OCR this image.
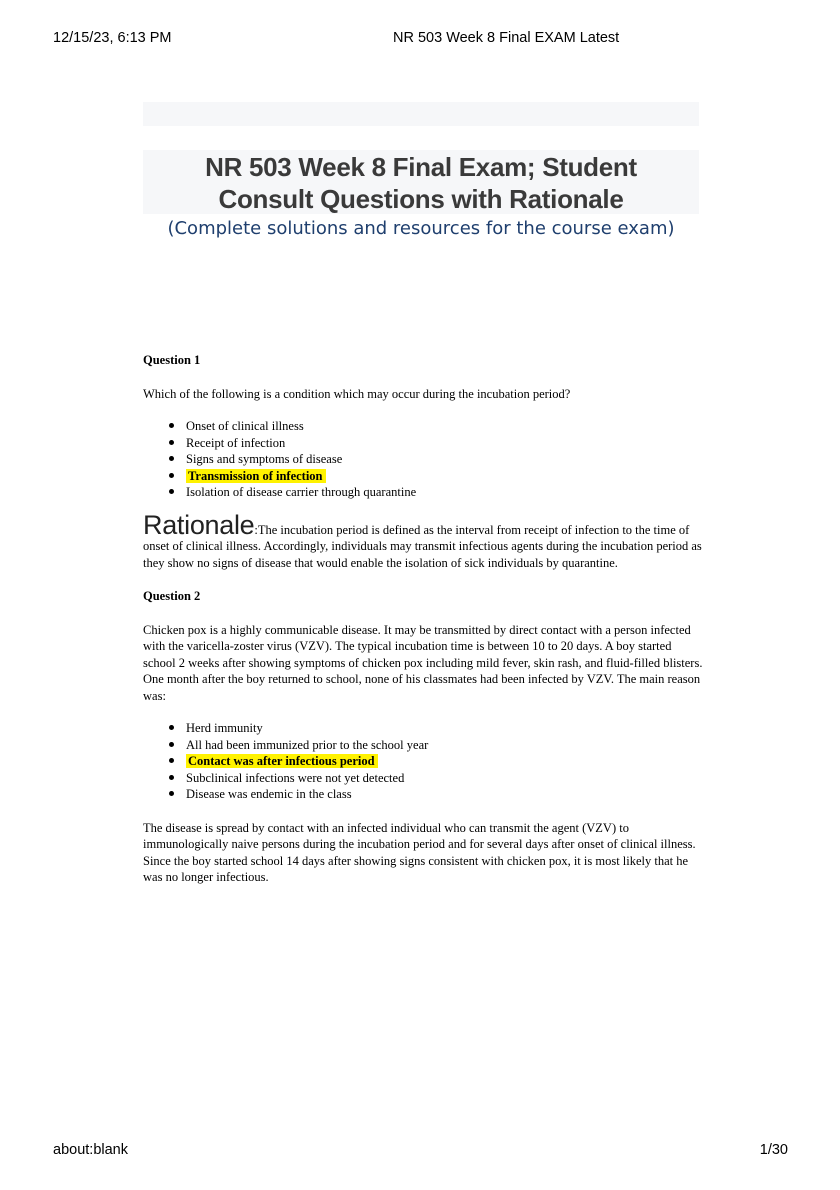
12/15/23, 6:13 PM	NR 503 Week 8 Final EXAM Latest
NR 503 Week 8 Final Exam; Student
Consult Questions with Rationale

(Complete solutions and resources for the course exam)

Question 1

Which of the following is a condition which may occur during the incubation period?

Onset of clinical illness
Receipt of infection
Signs and symptoms of disease
Transmission of infection
Isolation of disease carrier through quarantine

Rationale:The incubation period is defined as the interval from receipt of infection to the time of onset of clinical illness. Accordingly, individuals may transmit infectious agents during the incubation period as they show no signs of disease that would enable the isolation of sick individuals by quarantine.

Question 2

Chicken pox is a highly communicable disease. It may be transmitted by direct contact with a person infected with the varicella-zoster virus (VZV). The typical incubation time is between 10 to 20 days. A boy started school 2 weeks after showing symptoms of chicken pox including mild fever, skin rash, and fluid-filled blisters. One month after the boy returned to school, none of his classmates had been infected by VZV. The main reason was:

Herd immunity
All had been immunized prior to the school year
Contact was after infectious period
Subclinical infections were not yet detected
Disease was endemic in the class

The disease is spread by contact with an infected individual who can transmit the agent (VZV) to immunologically naive persons during the incubation period and for several days after onset of clinical illness. Since the boy started school 14 days after showing signs consistent with chicken pox, it is most likely that he was no longer infectious.

about:blank	1/30
